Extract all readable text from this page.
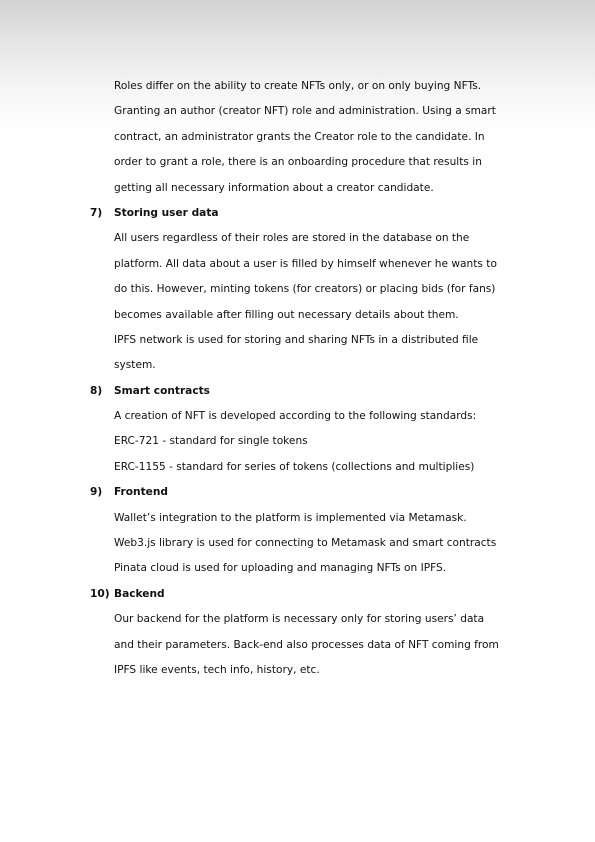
Roles differ on the ability to create NFTs only, or on only buying NFTs.
Granting an author (creator NFT) role and administration. Using a smart
contract, an administrator grants the Creator role to the candidate. In
order to grant a role, there is an onboarding procedure that results in
getting all necessary information about a creator candidate.
7) Storing user data
All users regardless of their roles are stored in the database on the
platform. All data about a user is filled by himself whenever he wants to
do this. However, minting tokens (for creators) or placing bids (for fans)
becomes available after filling out necessary details about them.
IPFS network is used for storing and sharing NFTs in a distributed file
system.
8) Smart contracts
A creation of NFT is developed according to the following standards:
ERC-721 - standard for single tokens
ERC-1155 - standard for series of tokens (collections and multiplies)
9) Frontend
Wallet’s integration to the platform is implemented via Metamask.
Web3.js library is used for connecting to Metamask and smart contracts
Pinata cloud is used for uploading and managing NFTs on IPFS.
10) Backend
Our backend for the platform is necessary only for storing users’ data
and their parameters. Back-end also processes data of NFT coming from
IPFS like events, tech info, history, etc.
